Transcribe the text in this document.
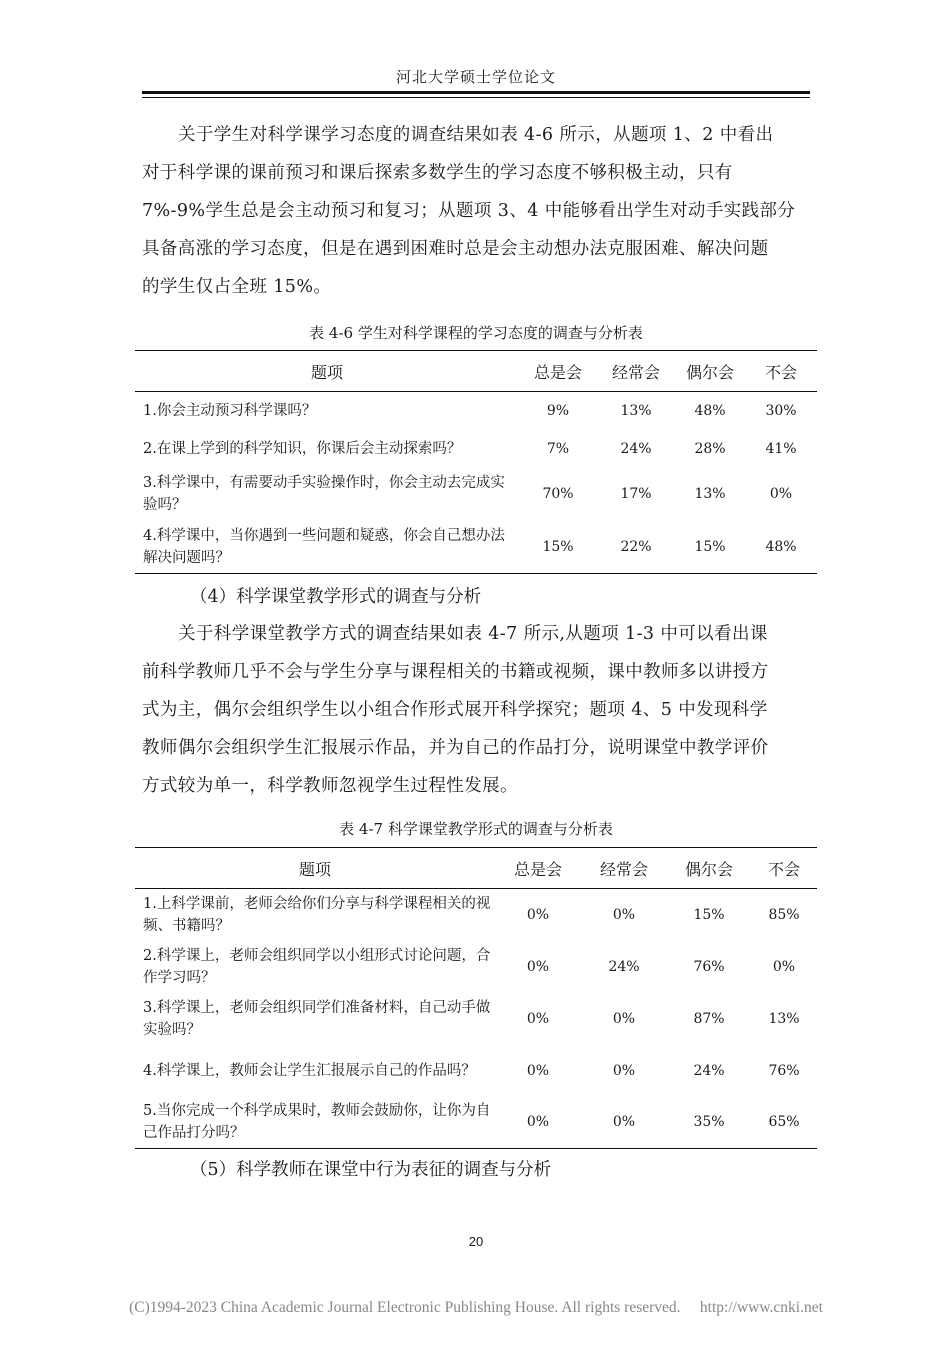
河北大学硕士学位论文
关于学生对科学课学习态度的调查结果如表 4-6 所示，从题项 1、2 中看出
对于科学课的课前预习和课后探索多数学生的学习态度不够积极主动，只有
7%-9%学生总是会主动预习和复习；从题项 3、4 中能够看出学生对动手实践部分
具备高涨的学习态度，但是在遇到困难时总是会主动想办法克服困难、解决问题
的学生仅占全班 15%。
表 4-6 学生对科学课程的学习态度的调查与分析表
题项	总是会	经常会	偶尔会	不会
1.你会主动预习科学课吗？	9%	13%	48%	30%
2.在课上学到的科学知识，你课后会主动探索吗？	7%	24%	28%	41%
3.科学课中，有需要动手实验操作时，你会主动去完成实验吗？	70%	17%	13%	0%
4.科学课中，当你遇到一些问题和疑惑，你会自己想办法解决问题吗？	15%	22%	15%	48%
（4）科学课堂教学形式的调查与分析
关于科学课堂教学方式的调查结果如表 4-7 所示,从题项 1-3 中可以看出课
前科学教师几乎不会与学生分享与课程相关的书籍或视频，课中教师多以讲授方
式为主，偶尔会组织学生以小组合作形式展开科学探究；题项 4、5 中发现科学
教师偶尔会组织学生汇报展示作品，并为自己的作品打分，说明课堂中教学评价
方式较为单一，科学教师忽视学生过程性发展。
表 4-7 科学课堂教学形式的调查与分析表
题项	总是会	经常会	偶尔会	不会
1.上科学课前，老师会给你们分享与科学课程相关的视频、书籍吗？	0%	0%	15%	85%
2.科学课上，老师会组织同学以小组形式讨论问题，合作学习吗？	0%	24%	76%	0%
3.科学课上，老师会组织同学们准备材料，自己动手做实验吗？	0%	0%	87%	13%
4.科学课上，教师会让学生汇报展示自己的作品吗？	0%	0%	24%	76%
5.当你完成一个科学成果时，教师会鼓励你，让你为自己作品打分吗？	0%	0%	35%	65%
（5）科学教师在课堂中行为表征的调查与分析
20
(C)1994-2023 China Academic Journal Electronic Publishing House. All rights reserved. http://www.cnki.net
